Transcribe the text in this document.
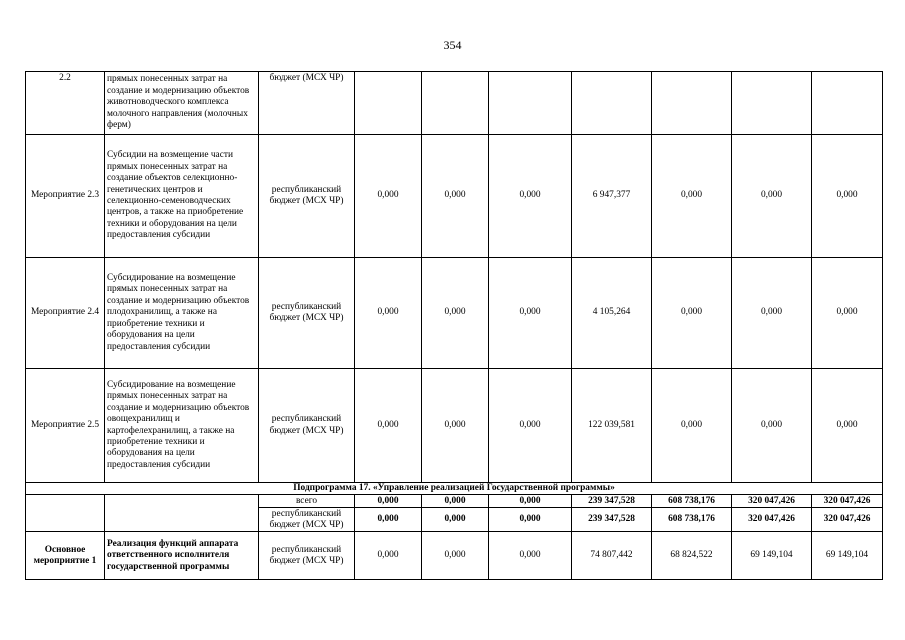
354
2.2	прямых понесенных затрат на создание и модернизацию объектов животноводческого комплекса молочного направления (молочных ферм)	бюджет (МСХ ЧР)							
Мероприятие 2.3	Субсидии на возмещение части прямых понесенных затрат на создание объектов селекционно-генетических центров и селекционно-семеноводческих центров, а также на приобретение техники и оборудования на цели предоставления субсидии	республиканский бюджет (МСХ ЧР)	0,000	0,000	0,000	6 947,377	0,000	0,000	0,000
Мероприятие 2.4	Субсидирование на возмещение прямых понесенных затрат на создание и модернизацию объектов плодохранилищ, а также на приобретение техники и оборудования на цели предоставления субсидии	республиканский бюджет (МСХ ЧР)	0,000	0,000	0,000	4 105,264	0,000	0,000	0,000
Мероприятие 2.5	Субсидирование на возмещение прямых понесенных затрат на создание и модернизацию объектов овощехранилищ и картофелехранилищ, а также на приобретение техники и оборудования на цели предоставления субсидии	республиканский бюджет (МСХ ЧР)	0,000	0,000	0,000	122 039,581	0,000	0,000	0,000
Подпрограмма 17. «Управление реализацией Государственной программы»									
		всего	0,000	0,000	0,000	239 347,528	608 738,176	320 047,426	320 047,426
		республиканский бюджет (МСХ ЧР)	0,000	0,000	0,000	239 347,528	608 738,176	320 047,426	320 047,426
Основное мероприятие 1	Реализация функций аппарата ответственного исполнителя государственной программы	республиканский бюджет (МСХ ЧР)	0,000	0,000	0,000	74 807,442	68 824,522	69 149,104	69 149,104
